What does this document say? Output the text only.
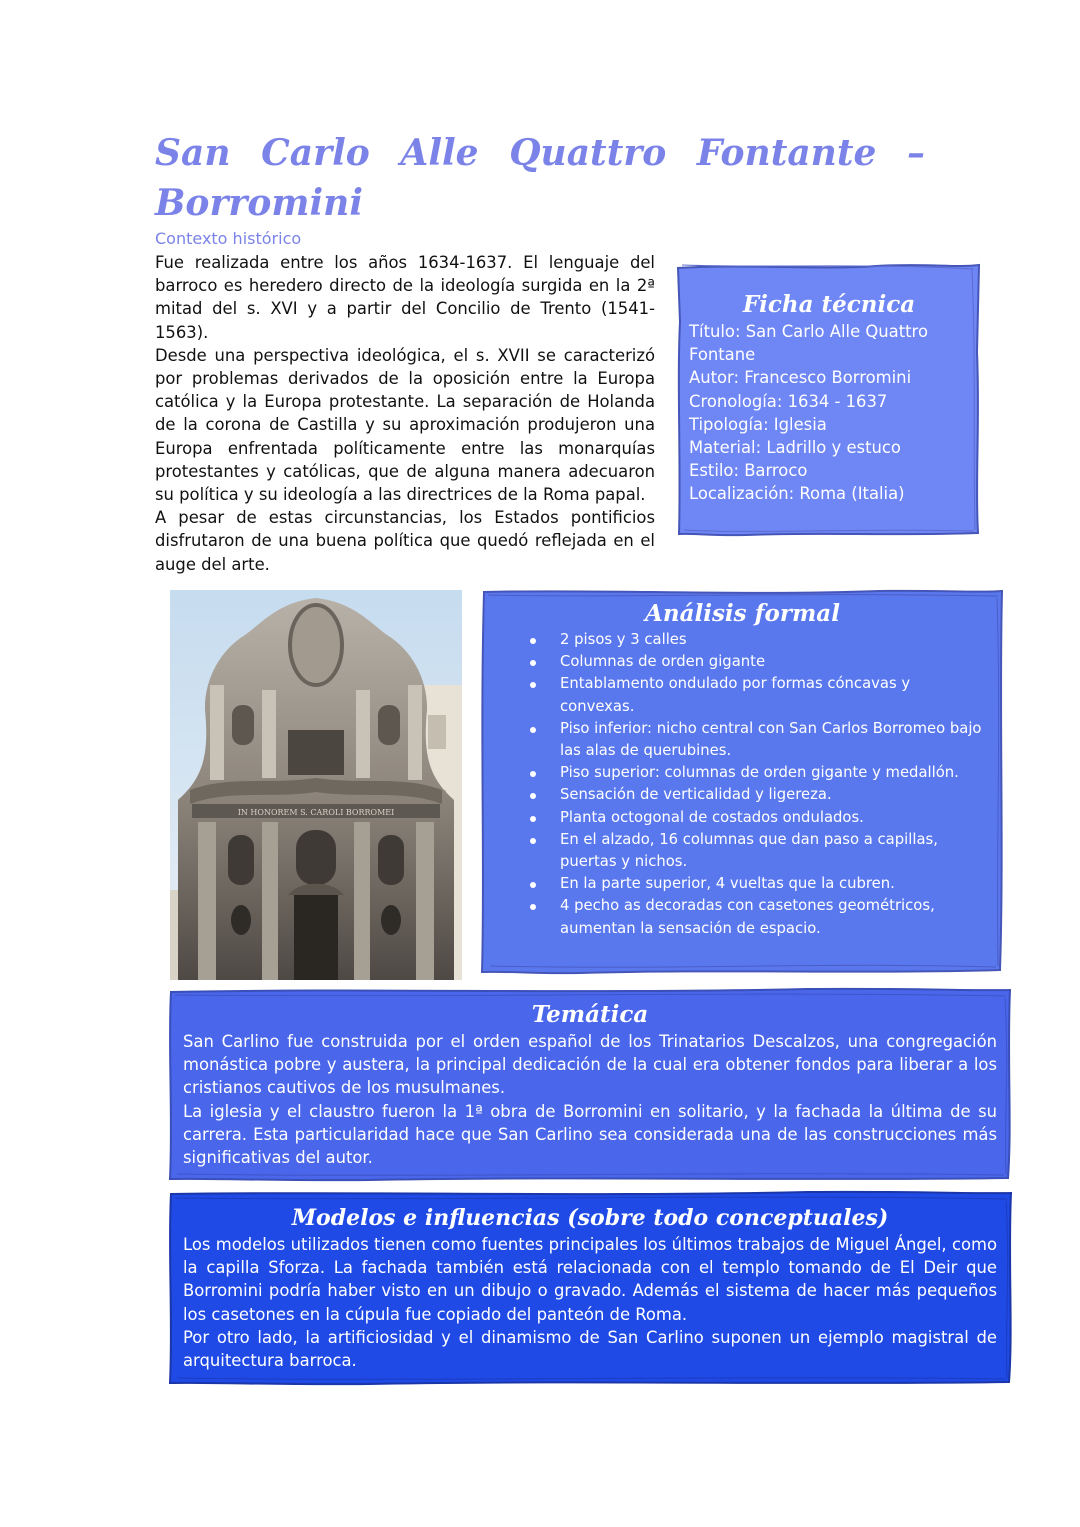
San Carlo Alle Quattro Fontante – Borromini
Contexto histórico

Fue realizada entre los años 1634-1637. El lenguaje del barroco es heredero directo de la ideología surgida en la 2ª mitad del s. XVI y a partir del Concilio de Trento (1541-1563).

Desde una perspectiva ideológica, el s. XVII se caracterizó por problemas derivados de la oposición entre la Europa católica y la Europa protestante. La separación de Holanda de la corona de Castilla y su aproximación produjeron una Europa enfrentada políticamente entre las monarquías protestantes y católicas, que de alguna manera adecuaron su política y su ideología a las directrices de la Roma papal.

A pesar de estas circunstancias, los Estados pontificios disfrutaron de una buena política que quedó reflejada en el auge del arte.

Ficha técnica
Título: San Carlo Alle Quattro Fontane
Autor: Francesco Borromini
Cronología: 1634 - 1637
Tipología: Iglesia
Material: Ladrillo y estuco
Estilo: Barroco
Localización: Roma (Italia)
IN HONOREM S. CAROLI BORROMEI
Análisis formal
2 pisos y 3 calles
Columnas de orden gigante
Entablamento ondulado por formas cóncavas y convexas.
Piso inferior: nicho central con San Carlos Borromeo bajo las alas de querubines.
Piso superior: columnas de orden gigante y medallón.
Sensación de verticalidad y ligereza.
Planta octogonal de costados ondulados.
En el alzado, 16 columnas que dan paso a capillas, puertas y nichos.
En la parte superior, 4 vueltas que la cubren.
4 pecho as decoradas con casetones geométricos, aumentan la sensación de espacio.
Temática

San Carlino fue construida por el orden español de los Trinatarios Descalzos, una congregación monástica pobre y austera, la principal dedicación de la cual era obtener fondos para liberar a los cristianos cautivos de los musulmanes.

La iglesia y el claustro fueron la 1ª obra de Borromini en solitario, y la fachada la última de su carrera. Esta particularidad hace que San Carlino sea considerada una de las construcciones más significativas del autor.

Modelos e influencias (sobre todo conceptuales)

Los modelos utilizados tienen como fuentes principales los últimos trabajos de Miguel Ángel, como la capilla Sforza. La fachada también está relacionada con el templo tomando de El Deir que Borromini podría haber visto en un dibujo o gravado. Además el sistema de hacer más pequeños los casetones en la cúpula fue copiado del panteón de Roma.

Por otro lado, la artificiosidad y el dinamismo de San Carlino suponen un ejemplo magistral de arquitectura barroca.
